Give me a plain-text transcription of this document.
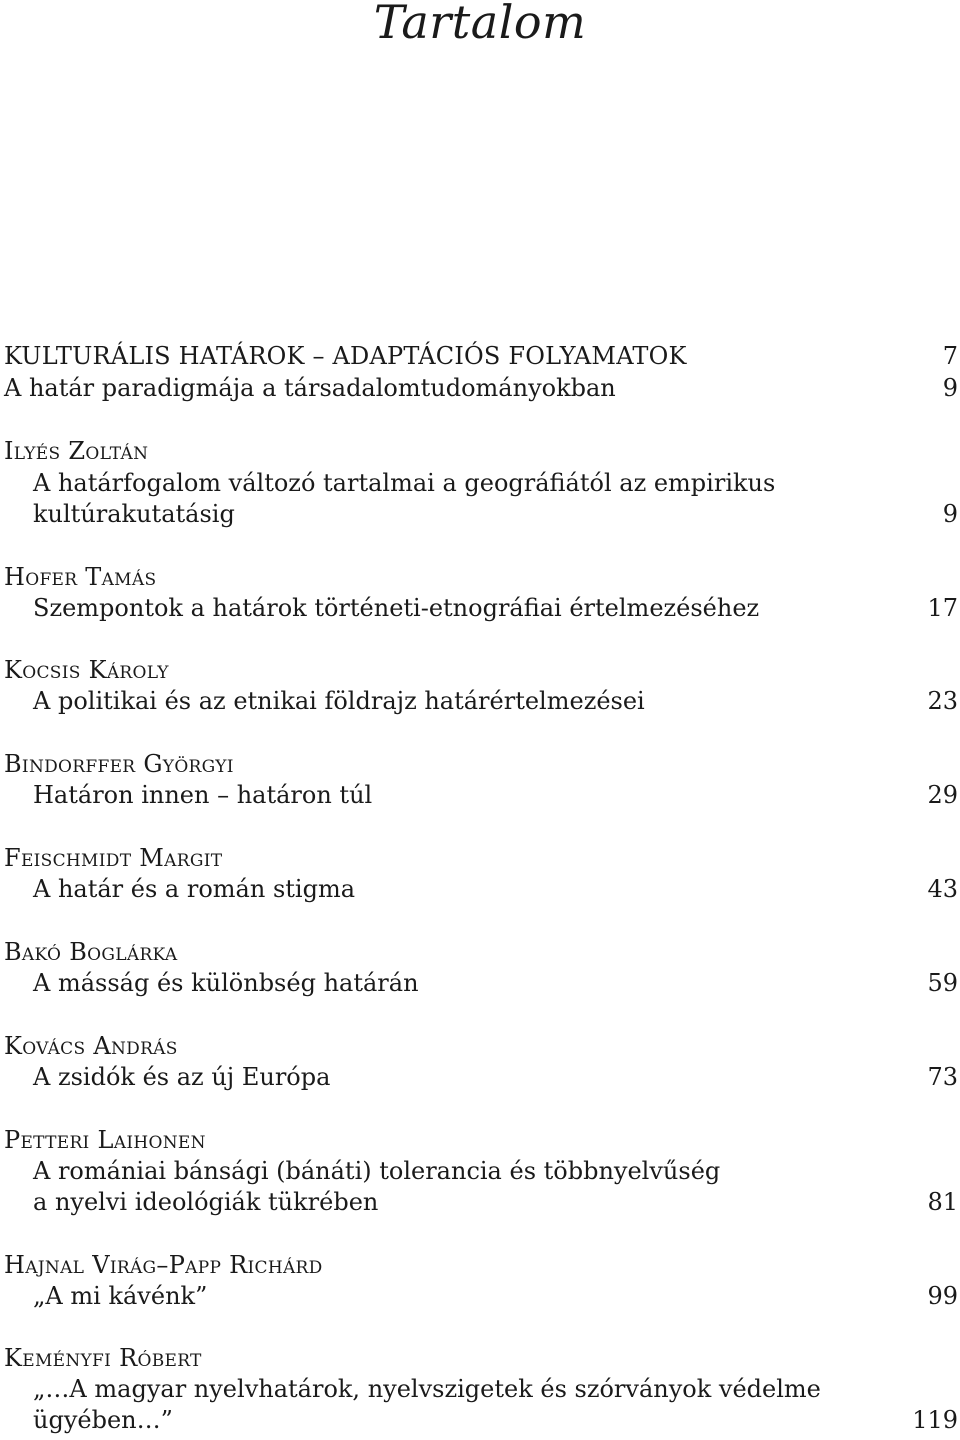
Tartalom
KULTURÁLIS HATÁROK – ADAPTÁCIÓS FOLYAMATOK	7
A határ paradigmája a társadalomtudományokban	9
Ilyés Zoltán
A határfogalom változó tartalmai a geográfiától az empirikus
kultúrakutatásig	9
Hofer Tamás
Szempontok a határok történeti-etnográfiai értelmezéséhez	17
Kocsis Károly
A politikai és az etnikai földrajz határértelmezései	23
Bindorffer Györgyi
Határon innen – határon túl	29
Feischmidt Margit
A határ és a román stigma	43
Bakó Boglárka
A másság és különbség határán	59
Kovács András
A zsidók és az új Európa	73
Petteri Laihonen
A romániai bánsági (bánáti) tolerancia és többnyelvűség
a nyelvi ideológiák tükrében	81
Hajnal Virág–Papp Richárd
„A mi kávénk”	99
Keményfi Róbert
„…A magyar nyelvhatárok, nyelvszigetek és szórványok védelme
ügyében…”	119
